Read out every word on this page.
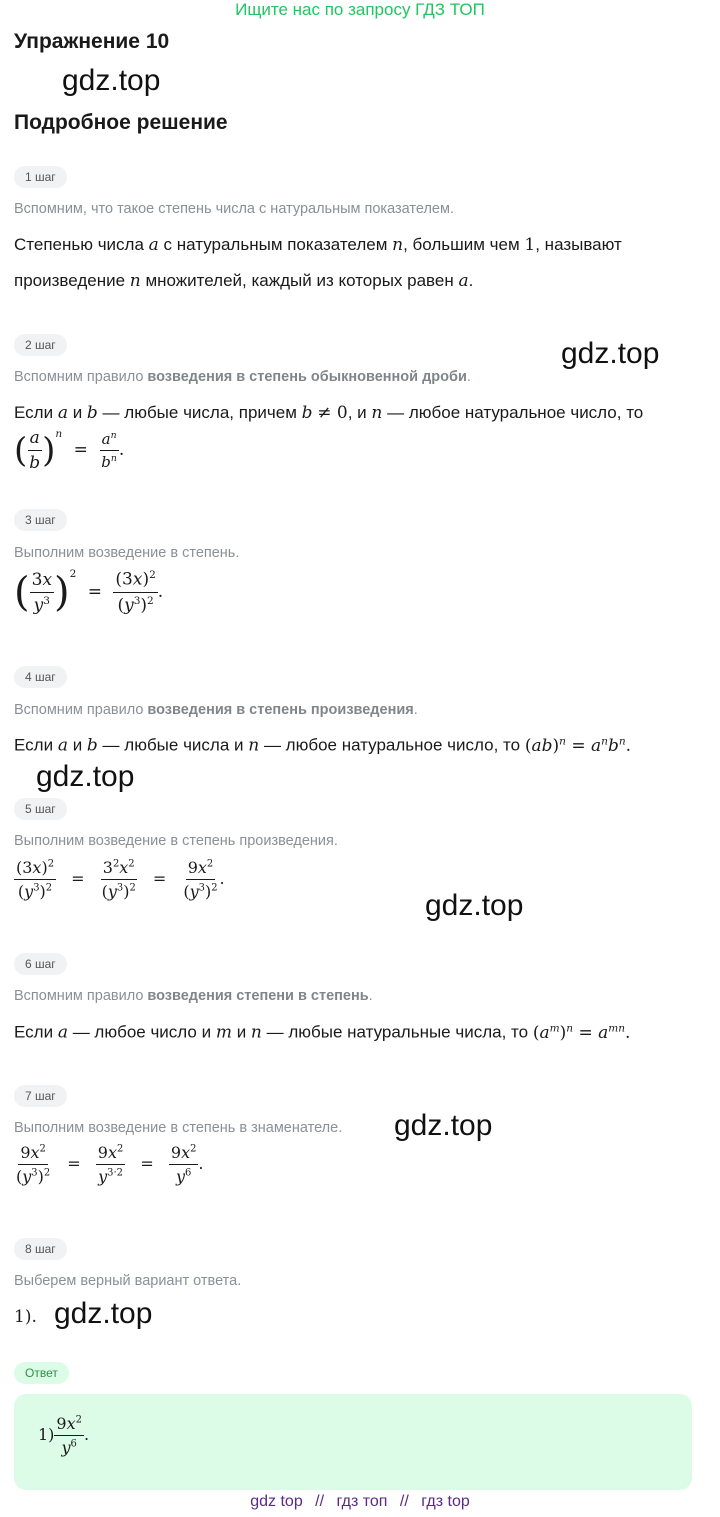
Ищите нас по запросу ГДЗ ТОП
Упражнение 10
gdz.top
Подробное решение
1 шаг
Вспомним, что такое степень числа с натуральным показателем.
Степенью числа a с натуральным показателем n, большим чем 1, называют
произведение n множителей, каждый из которых равен a.
2 шаг	gdz.top
Вспомним правило возведения в степень обыкновенной дроби.
Если a и b — любые числа, причем b ≠ 0, и n — любое натуральное число, то
( $\frac{a}{b} )^n = \frac{a^n}{b^n}$ .
3 шаг
Выполним возведение в степень.
( $\frac{3x}{y^3} )^2 = \frac{(3x)^2}{(y^3)^2}$ .
4 шаг
Вспомним правило возведения в степень произведения.
Если a и b — любые числа и n — любое натуральное число, то $(ab)^n = a^nb^n$.
gdz.top
5 шаг
Выполним возведение в степень произведения.
$\frac{(3x)^2}{(y^3)^2} = \frac{3^2x^2}{(y^3)^2} = \frac{9x^2}{(y^3)^2}$ .
gdz.top
6 шаг
Вспомним правило возведения степени в степень.
Если a — любое число и m и n — любые натуральные числа, то $(a^m)^n = a^{mn}$.
7 шаг
Выполним возведение в степень в знаменателе. gdz.top
$\frac{9x^2}{(y^3)^2} = \frac{9x^2}{y^{3\cdot 2}} = \frac{9x^2}{y^6}$ .
8 шаг
Выберем верный вариант ответа.
1). gdz.top
Ответ
$1) \frac{9x^2}{y^6}$ .
gdz top // гдз топ // гдз top
